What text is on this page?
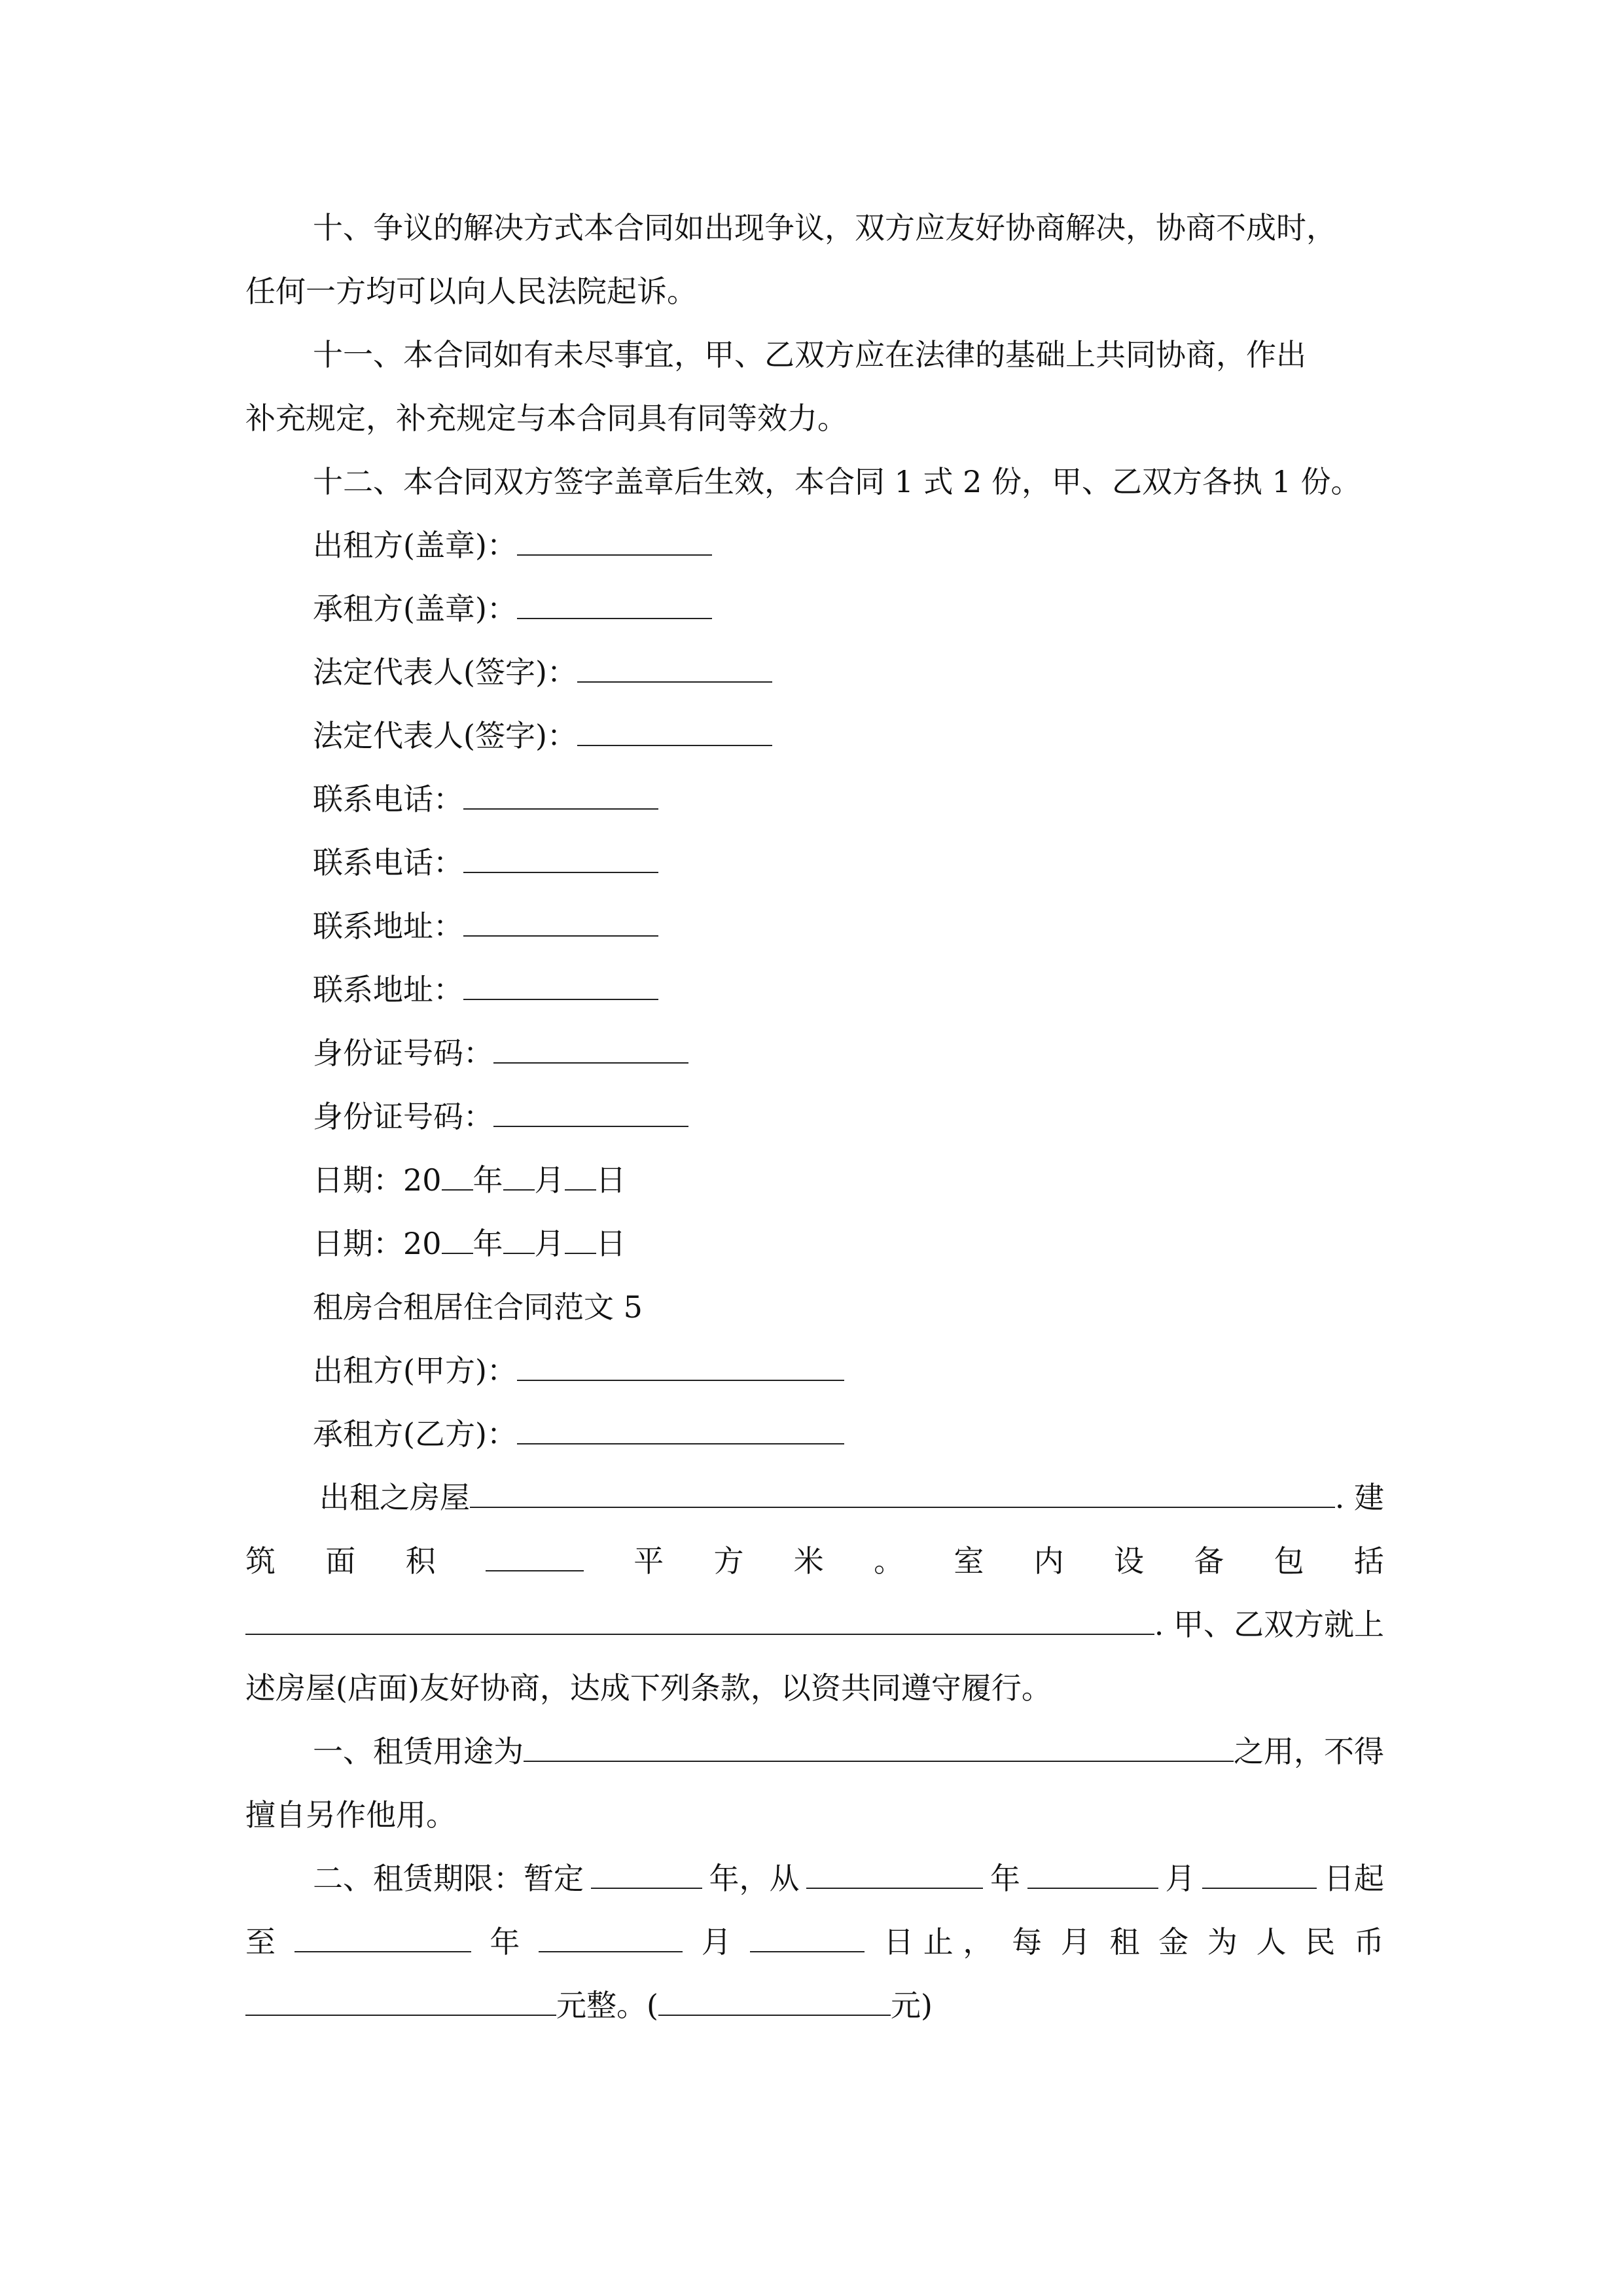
十、争议的解决方式本合同如出现争议，双方应友好协商解决，协商不成时，
任何一方均可以向人民法院起诉。
十一、本合同如有未尽事宜，甲、乙双方应在法律的基础上共同协商，作出
补充规定，补充规定与本合同具有同等效力。
十二、本合同双方签字盖章后生效，本合同 1 式 2 份，甲、乙双方各执 1 份。
出租方(盖章)：
承租方(盖章)：
法定代表人(签字)：
法定代表人(签字)：
联系电话：
联系电话：
联系地址：
联系地址：
身份证号码：
身份证号码：
日期：20 年 月 日
日期：20 年 月 日
租房合租居住合同范文 5
出租方(甲方)：
承租方(乙方)：
出租之房屋	. 建
筑 面 积	平 方 米 。 室 内 设 备 包 括
. 甲、乙双方就上
述房屋(店面)友好协商，达成下列条款，以资共同遵守履行。
一、租赁用途为	之用，不得
擅自另作他用。
二、租赁期限：暂定	年，从	年	月	日起
至	年	月	日 止 ， 每 月 租 金 为 人 民 币
元整。(	元)
